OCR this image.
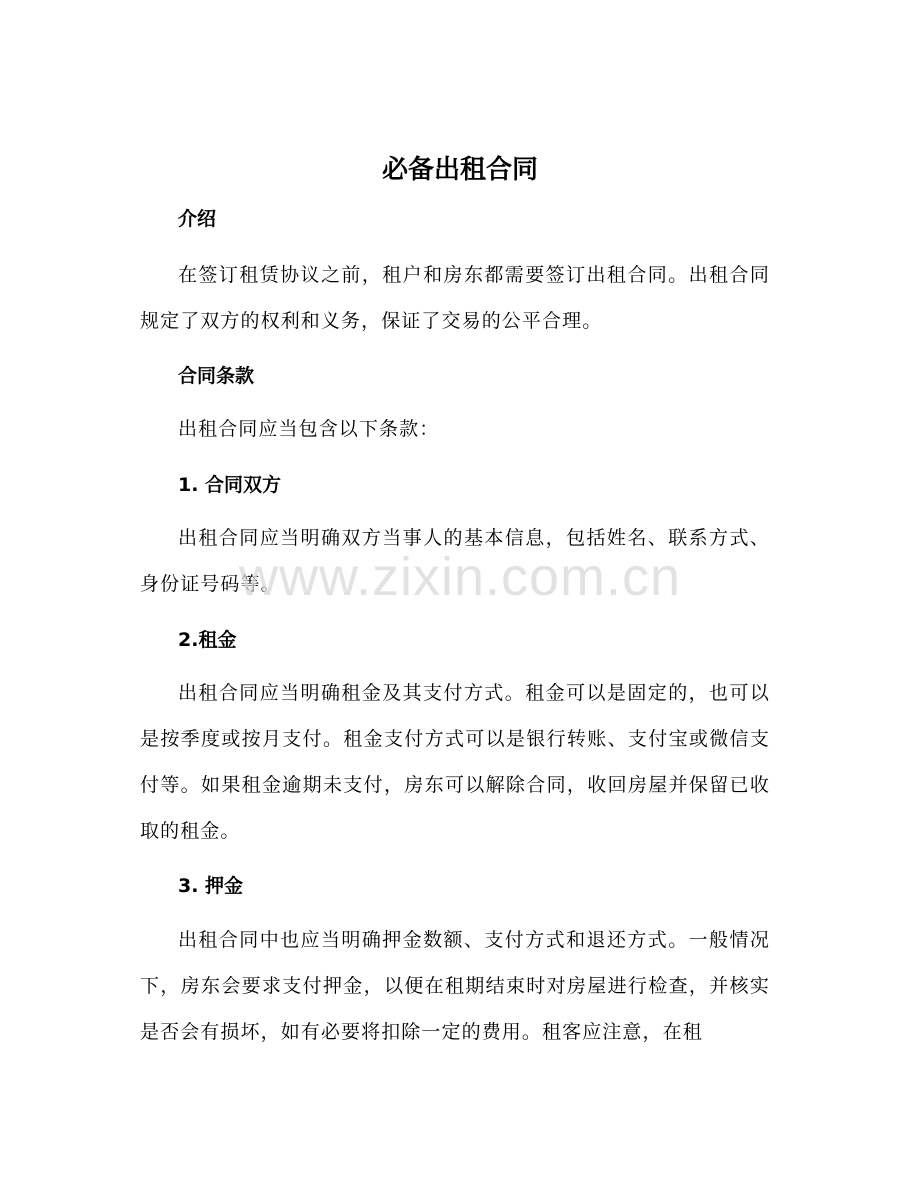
必备出租合同
介绍

在签订租赁协议之前，租户和房东都需要签订出租合同。出租合同规定了双方的权利和义务，保证了交易的公平合理。

合同条款

出租合同应当包含以下条款：

1. 合同双方

出租合同应当明确双方当事人的基本信息，包括姓名、联系方式、身份证号码等。

2.租金

出租合同应当明确租金及其支付方式。租金可以是固定的，也可以是按季度或按月支付。租金支付方式可以是银行转账、支付宝或微信支付等。如果租金逾期未支付，房东可以解除合同，收回房屋并保留已收取的租金。

3. 押金

出租合同中也应当明确押金数额、支付方式和退还方式。一般情况下，房东会要求支付押金，以便在租期结束时对房屋进行检查，并核实是否会有损坏，如有必要将扣除一定的费用。租客应注意，在租

www.zixin.com.cn
